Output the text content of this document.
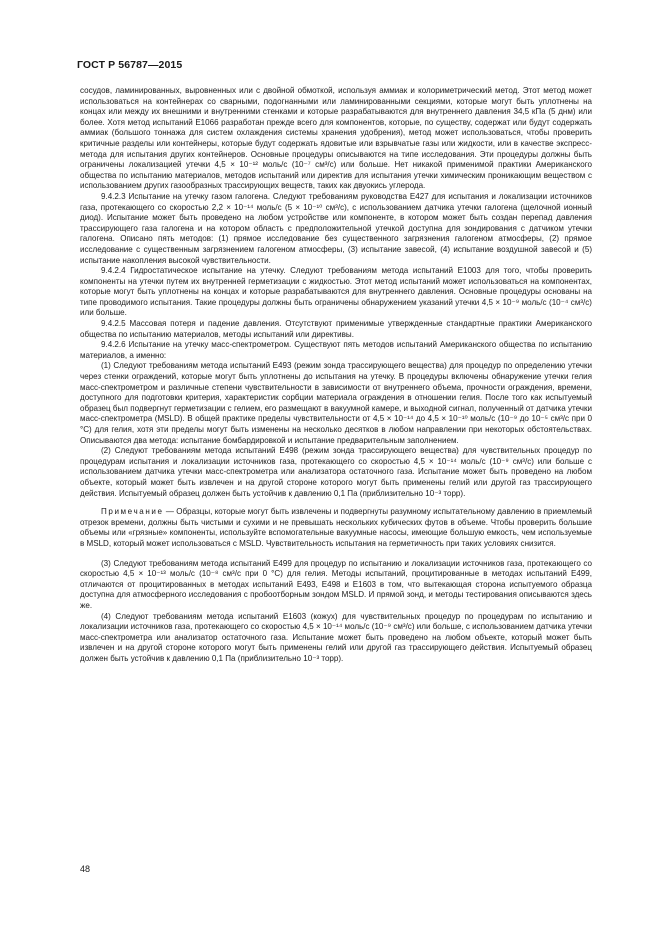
ГОСТ Р 56787—2015

сосудов, ламинированных, выровненных или с двойной обмоткой, используя аммиак и колориметрический метод. Этот метод может использоваться на контейнерах со сварными, подогнанными или ламинированными секциями, которые могут быть уплотнены на концах или между их внешними и внутренними стенками и которые разрабатываются для внутреннего давления 34,5 кПа (5 днм) или более. Хотя метод испытаний Е1066 разработан прежде всего для компонентов, которые, по существу, содержат или будут содержать аммиак (большого тоннажа для систем охлаждения системы хранения удобрения), метод может использоваться, чтобы проверить критичные разделы или контейнеры, которые будут содержать ядовитые или взрывчатые газы или жидкости, или в качестве экспресс-метода для испытания других контейнеров. Основные процедуры описываются на типе исследования. Эти процедуры должны быть ограничены локализацией утечки 4,5 × 10⁻¹² моль/с (10⁻⁷ см³/с) или больше. Нет никакой применимой практики Американского общества по испытанию материалов, методов испытаний или директив для испытания утечки химическим проникающим веществом с использованием других газообразных трассирующих веществ, таких как двуокись углерода.

9.4.2.3 Испытание на утечку газом галогена. Следуют требованиям руководства Е427 для испытания и локализации источников газа, протекающего со скоростью 2,2 × 10⁻¹⁴ моль/с (5 × 10⁻¹⁰ см³/с), с использованием датчика утечки галогена (щелочной ионный диод). Испытание может быть проведено на любом устройстве или компоненте, в котором может быть создан перепад давления трассирующего газа галогена и на котором область с предположительной утечкой доступна для зондирования с датчиком утечки галогена. Описано пять методов: (1) прямое исследование без существенного загрязнения галогеном атмосферы, (2) прямое исследование с существенным загрязнением галогеном атмосферы, (3) испытание завесой, (4) испытание воздушной завесой и (5) испытание накопления высокой чувствительности.

9.4.2.4 Гидростатическое испытание на утечку. Следуют требованиям метода испытаний Е1003 для того, чтобы проверить компоненты на утечки путем их внутренней герметизации с жидкостью. Этот метод испытаний может использоваться на компонентах, которые могут быть уплотнены на концах и которые разрабатываются для внутреннего давления. Основные процедуры основаны на типе проводимого испытания. Такие процедуры должны быть ограничены обнаружением указаний утечки 4,5 × 10⁻⁹ моль/с (10⁻⁴ см³/с) или больше.

9.4.2.5 Массовая потеря и падение давления. Отсутствуют применимые утвержденные стандартные практики Американского общества по испытанию материалов, методы испытаний или директивы.

9.4.2.6 Испытание на утечку масс-спектрометром. Существуют пять методов испытаний Американского общества по испытанию материалов, а именно:

(1) Следуют требованиям метода испытаний Е493 (режим зонда трассирующего вещества) для процедур по определению утечки через стенки ограждений, которые могут быть уплотнены до испытания на утечку. В процедуры включены обнаружение утечки гелия масс-спектрометром и различные степени чувствительности в зависимости от внутреннего объема, прочности ограждения, времени, доступного для подготовки критерия, характеристик сорбции материала ограждения в отношении гелия. После того как испытуемый образец был подвергнут герметизации с гелием, его размещают в вакуумной камере, и выходной сигнал, полученный от датчика утечки масс-спектрометра (MSLD). В общей практике пределы чувствительности от 4,5 × 10⁻¹⁴ до 4,5 × 10⁻¹⁰ моль/с (10⁻⁹ до 10⁻⁵ см³/с при 0 °С) для гелия, хотя эти пределы могут быть изменены на несколько десятков в любом направлении при некоторых обстоятельствах. Описываются два метода: испытание бомбардировкой и испытание предварительным заполнением.

(2) Следуют требованиям метода испытаний Е498 (режим зонда трассирующего вещества) для чувствительных процедур по процедурам испытания и локализации источников газа, протекающего со скоростью 4,5 × 10⁻¹⁴ моль/с (10⁻⁹ см³/с) или больше с использованием датчика утечки масс-спектрометра или анализатора остаточного газа. Испытание может быть проведено на любом объекте, который может быть извлечен и на другой стороне которого могут быть применены гелий или другой газ трассирующего действия. Испытуемый образец должен быть устойчив к давлению 0,1 Па (приблизительно 10⁻³ торр).

Примечание — Образцы, которые могут быть извлечены и подвергнуты разумному испытательному давлению в приемлемый отрезок времени, должны быть чистыми и сухими и не превышать нескольких кубических футов в объеме. Чтобы проверить большие объемы или «грязные» компоненты, используйте вспомогательные вакуумные насосы, имеющие большую емкость, чем используемые в MSLD, который может использоваться с MSLD. Чувствительность испытания на герметичность при таких условиях снизится.

(3) Следуют требованиям метода испытаний Е499 для процедур по испытанию и локализации источников газа, протекающего со скоростью 4,5 × 10⁻¹³ моль/с (10⁻⁸ см³/с при 0 °С) для гелия. Методы испытаний, процитированные в методах испытаний Е499, отличаются от процитированных в методах испытаний Е493, Е498 и Е1603 в том, что вытекающая сторона испытуемого образца доступна для атмосферного исследования с пробоотборным зондом MSLD. И прямой зонд, и методы тестирования описываются здесь же.

(4) Следуют требованиям метода испытаний Е1603 (кожух) для чувствительных процедур по процедурам по испытанию и локализации источников газа, протекающего со скоростью 4,5 × 10⁻¹⁴ моль/с (10⁻⁹ см³/с) или больше, с использованием датчика утечки масс-спектрометра или анализатор остаточного газа. Испытание может быть проведено на любом объекте, который может быть извлечен и на другой стороне которого могут быть применены гелий или другой газ трассирующего действия. Испытуемый образец должен быть устойчив к давлению 0,1 Па (приблизительно 10⁻³ торр).

48
